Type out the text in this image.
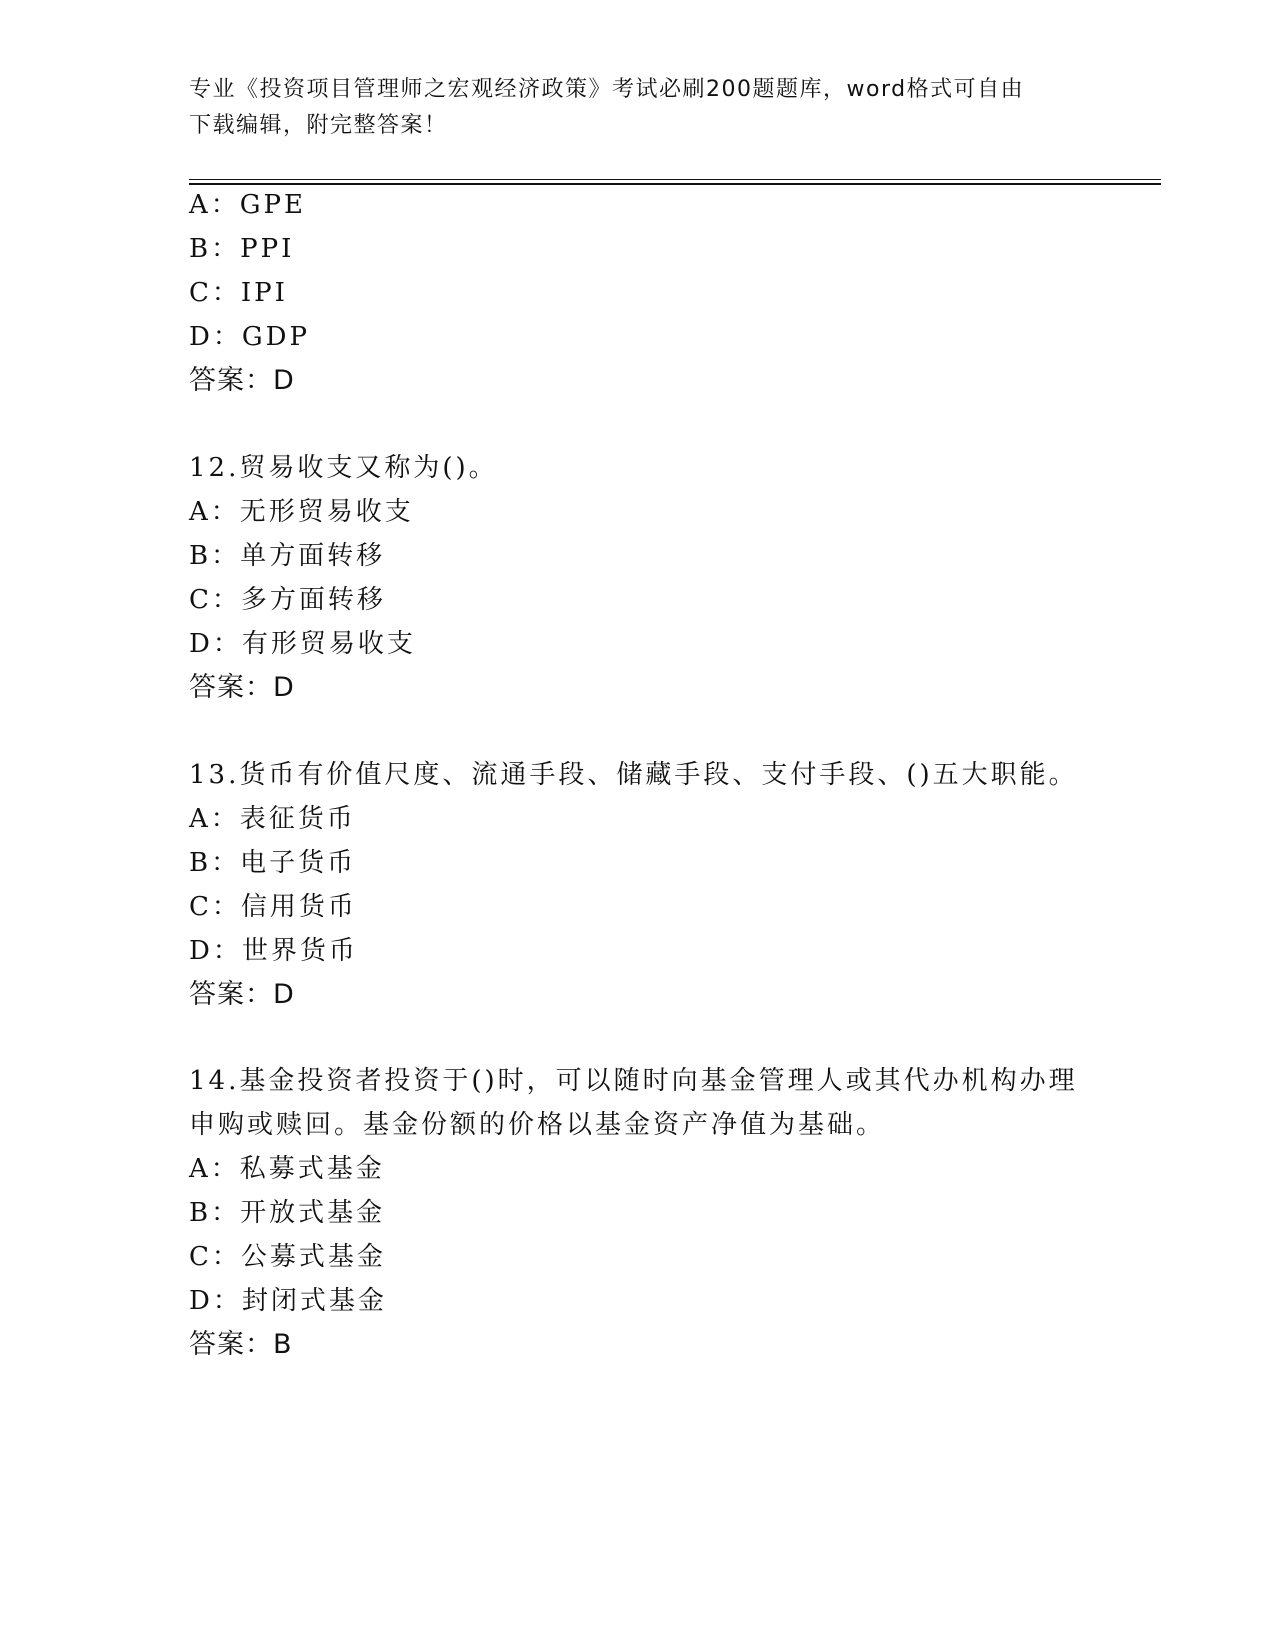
专业《投资项目管理师之宏观经济政策》考试必刷200题题库，word格式可自由
下载编辑，附完整答案！
A：GPE
B：PPI
C：IPI
D：GDP
答案：D
12.贸易收支又称为()。
A：无形贸易收支
B：单方面转移
C：多方面转移
D：有形贸易收支
答案：D
13.货币有价值尺度、流通手段、储藏手段、支付手段、()五大职能。
A：表征货币
B：电子货币
C：信用货币
D：世界货币
答案：D
14.基金投资者投资于()时，可以随时向基金管理人或其代办机构办理
申购或赎回。基金份额的价格以基金资产净值为基础。
A：私募式基金
B：开放式基金
C：公募式基金
D：封闭式基金
答案：B
